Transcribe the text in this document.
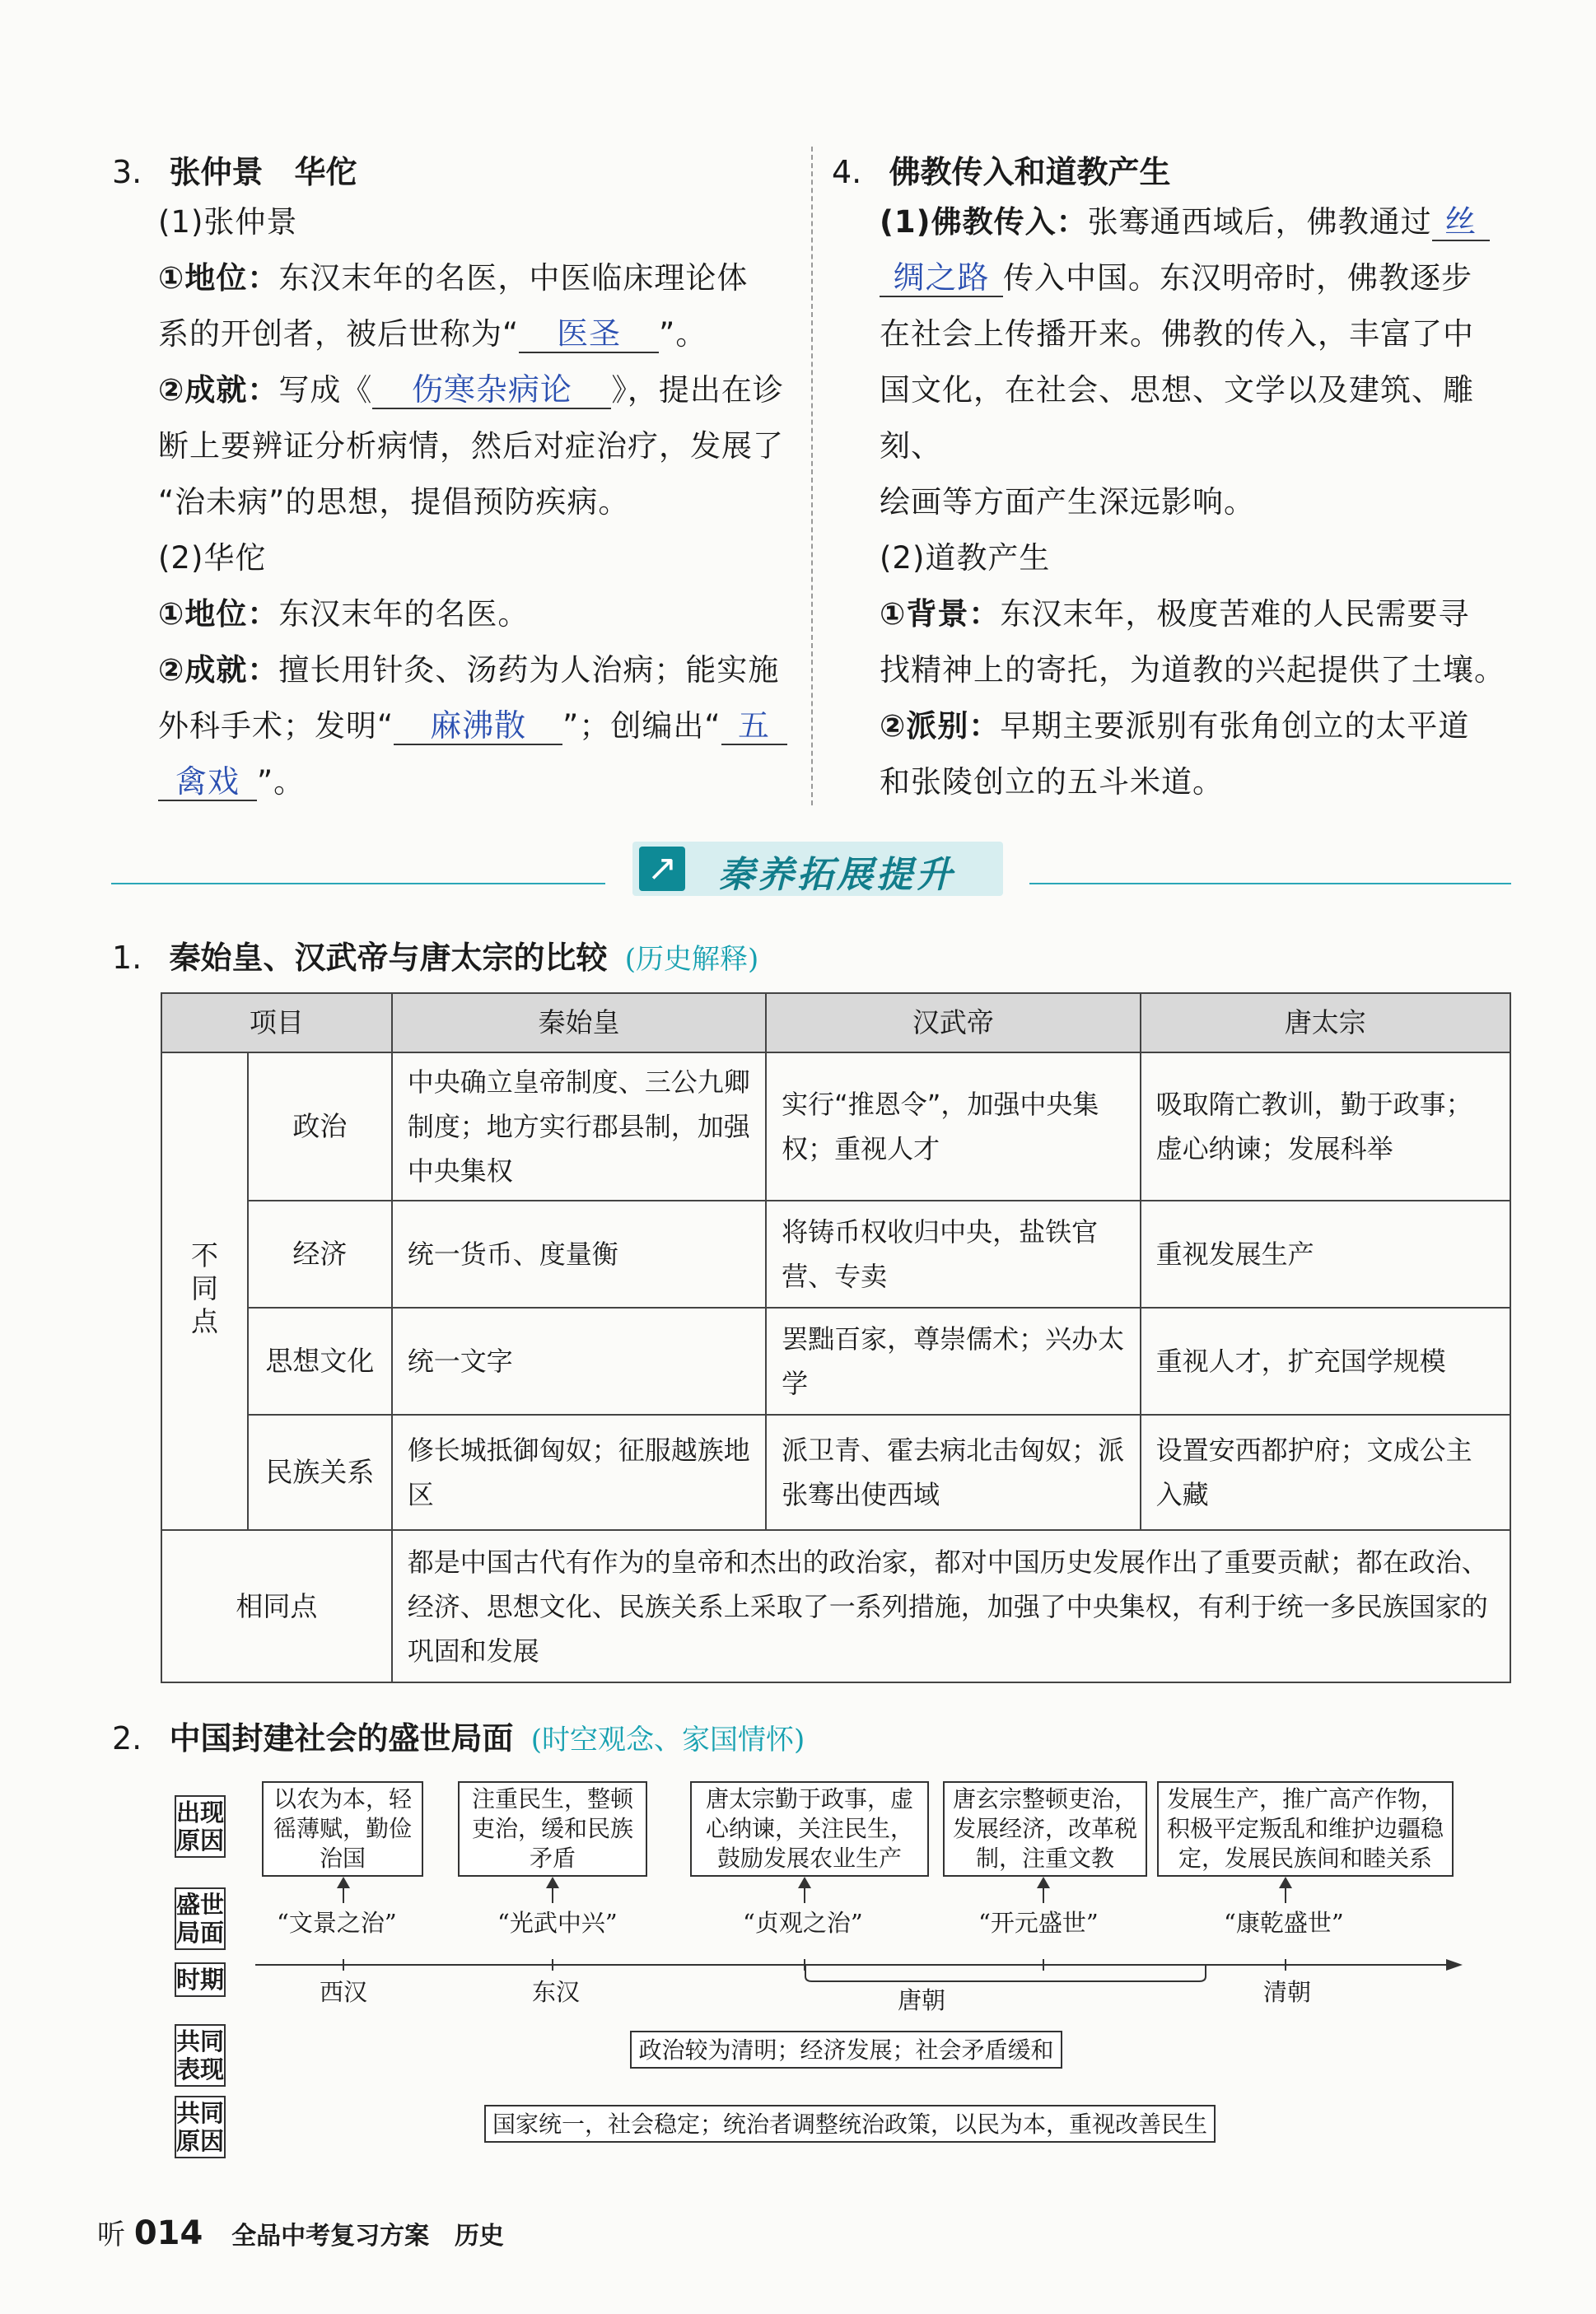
3. 张仲景　华佗
(1)张仲景
①地位：东汉末年的名医，中医临床理论体
系的开创者，被后世称为“ 医圣 ”。
②成就：写成《 伤寒杂病论 》，提出在诊
断上要辨证分析病情，然后对症治疗，发展了
“治未病”的思想，提倡预防疾病。
(2)华佗
①地位：东汉末年的名医。
②成就：擅长用针灸、汤药为人治病；能实施
外科手术；发明“ 麻沸散 ”；创编出“ 五
禽戏 ”。
4. 佛教传入和道教产生
(1)佛教传入：张骞通西域后，佛教通过 丝
绸之路 传入中国。东汉明帝时，佛教逐步
在社会上传播开来。佛教的传入，丰富了中
国文化，在社会、思想、文学以及建筑、雕刻、
绘画等方面产生深远影响。
(2)道教产生
①背景：东汉末年，极度苦难的人民需要寻
找精神上的寄托，为道教的兴起提供了土壤。
②派别：早期主要派别有张角创立的太平道
和张陵创立的五斗米道。
↗ 秦养拓展提升
1. 秦始皇、汉武帝与唐太宗的比较 (历史解释)
项目		秦始皇	汉武帝	唐太宗
不同点	政治	中央确立皇帝制度、三公九卿制度；地方实行郡县制，加强中央集权	实行“推恩令”，加强中央集权；重视人才	吸取隋亡教训，勤于政事；虚心纳谏；发展科举
	经济	统一货币、度量衡	将铸币权收归中央，盐铁官营、专卖	重视发展生产
	思想文化	统一文字	罢黜百家，尊崇儒术；兴办太学	重视人才，扩充国学规模
	民族关系	修长城抵御匈奴；征服越族地区	派卫青、霍去病北击匈奴；派张骞出使西域	设置安西都护府；文成公主入藏
相同点		都是中国古代有作为的皇帝和杰出的政治家，都对中国历史发展作出了重要贡献；都在政治、经济、思想文化、民族关系上采取了一系列措施，加强了中央集权，有利于统一多民族国家的巩固和发展		
2. 中国封建社会的盛世局面 (时空观念、家国情怀)
出现原因
盛世局面
时期
共同表现
共同原因
以农为本，轻徭薄赋，勤俭治国
注重民生，整顿吏治，缓和民族矛盾
唐太宗勤于政事，虚心纳谏，关注民生，鼓励发展农业生产
唐玄宗整顿吏治，发展经济，改革税制，注重文教
发展生产，推广高产作物，积极平定叛乱和维护边疆稳定，发展民族间和睦关系
“文景之治”	“光武中兴”	“贞观之治”	“开元盛世”	“康乾盛世”
西汉	东汉	唐朝	清朝
政治较为清明；经济发展；社会矛盾缓和
国家统一，社会稳定；统治者调整统治政策，以民为本，重视改善民生
听 014 全品中考复习方案 历史
